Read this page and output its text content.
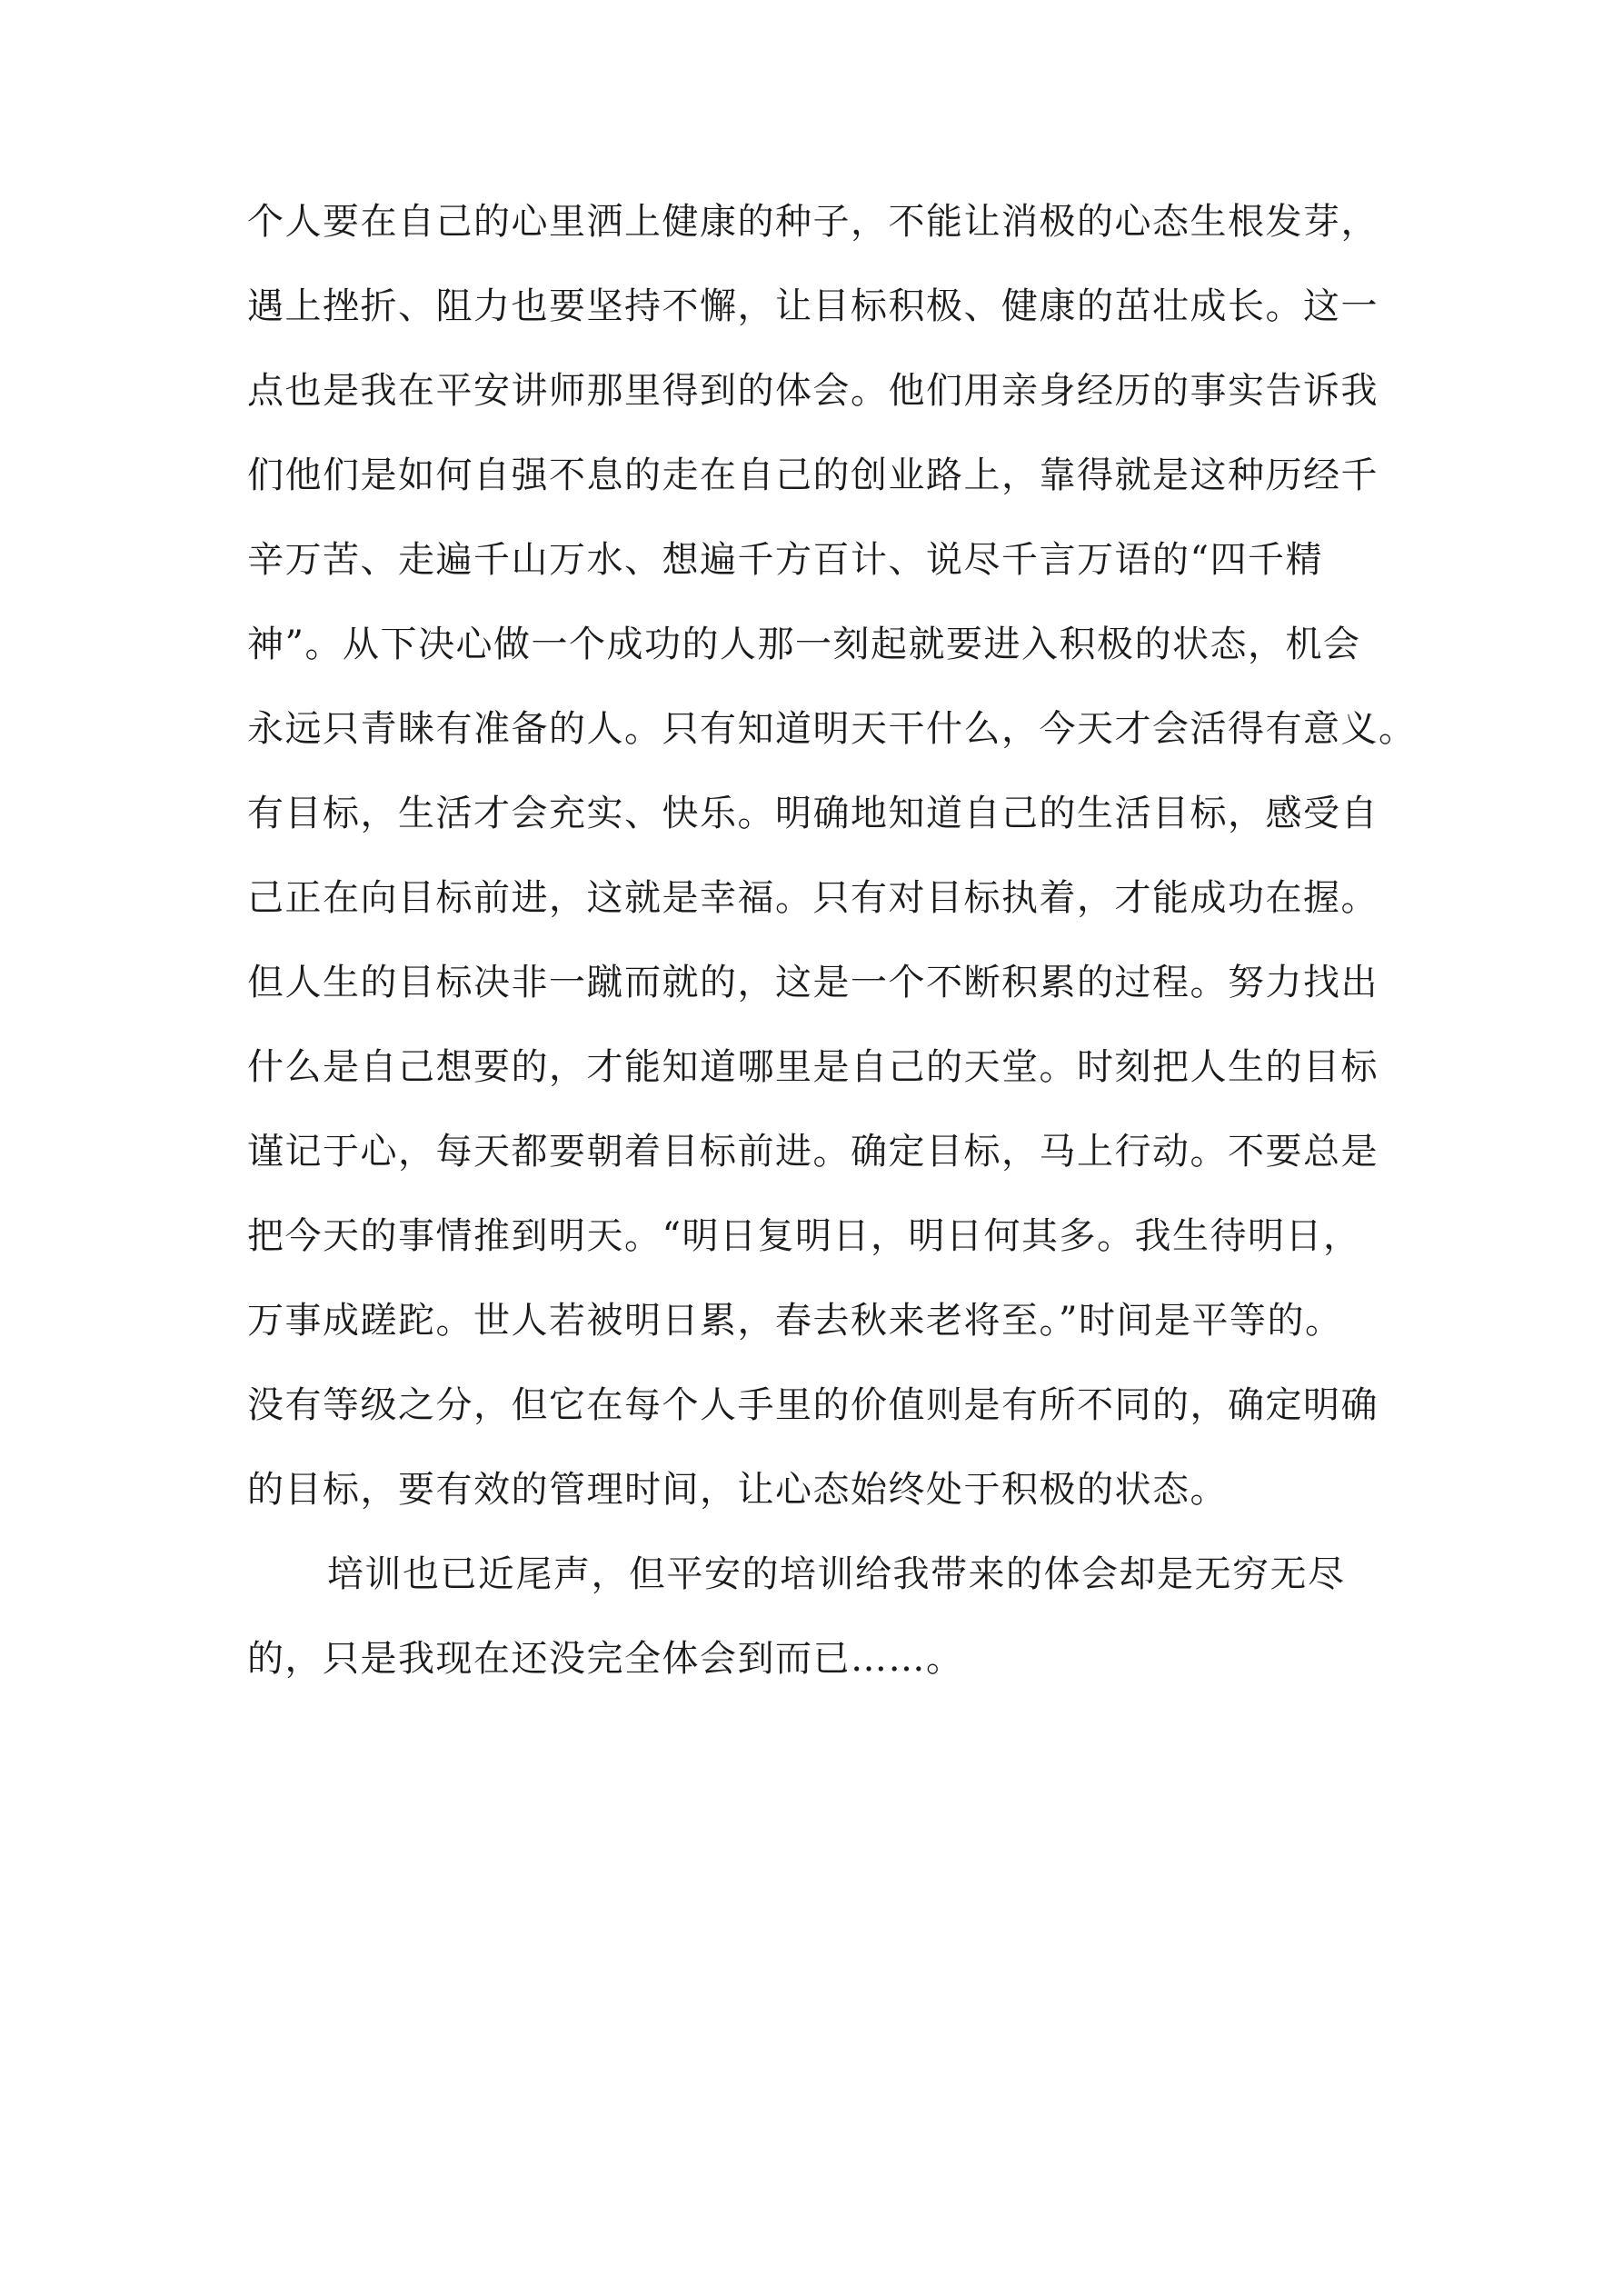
个人要在自己的心里洒上健康的种子，不能让消极的心态生根发芽，
遇上挫折、阻力也要坚持不懈，让目标积极、健康的茁壮成长。这一
点也是我在平安讲师那里得到的体会。他们用亲身经历的事实告诉我
们他们是如何自强不息的走在自己的创业路上，靠得就是这种历经千
辛万苦、走遍千山万水、想遍千方百计、说尽千言万语的“四千精
神”。从下决心做一个成功的人那一刻起就要进入积极的状态，机会
永远只青睐有准备的人。只有知道明天干什么，今天才会活得有意义。
有目标，生活才会充实、快乐。明确地知道自己的生活目标，感受自
己正在向目标前进，这就是幸福。只有对目标执着，才能成功在握。
但人生的目标决非一蹴而就的，这是一个不断积累的过程。努力找出
什么是自己想要的，才能知道哪里是自己的天堂。时刻把人生的目标
谨记于心，每天都要朝着目标前进。确定目标，马上行动。不要总是
把今天的事情推到明天。“明日复明日，明日何其多。我生待明日，
万事成蹉跎。世人若被明日累，春去秋来老将至。”时间是平等的。
没有等级之分，但它在每个人手里的价值则是有所不同的，确定明确
的目标，要有效的管理时间，让心态始终处于积极的状态。
培训也已近尾声，但平安的培训给我带来的体会却是无穷无尽
的，只是我现在还没完全体会到而已……。
